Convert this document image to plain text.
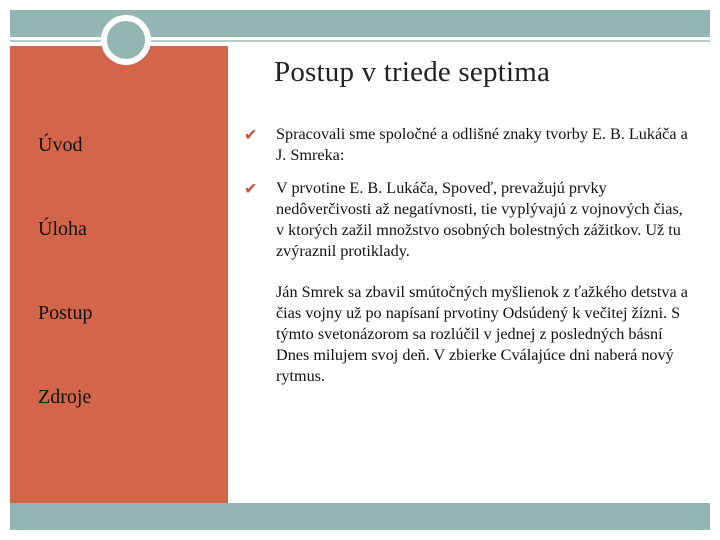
Postup v triede septima
Úvod
Úloha
Postup
Zdroje
✔ Spracovali sme spoločné a odlišné znaky tvorby E. B. Lukáča a J. Smreka:
✔ V prvotine E. B. Lukáča, Spoveď, prevažujú prvky nedôverčivosti až negatívnosti, tie vyplývajú z vojnových čias, v ktorých zažil množstvo osobných bolestných zážitkov. Už tu zvýraznil protiklady.
Ján Smrek sa zbavil smútočných myšlienok z ťažkého detstva a čias vojny už po napísaní prvotiny Odsúdený k večitej žízni. S týmto svetonázorom sa rozlúčil v jednej z posledných básní Dnes milujem svoj deň. V zbierke Cválajúce dni naberá nový rytmus.
